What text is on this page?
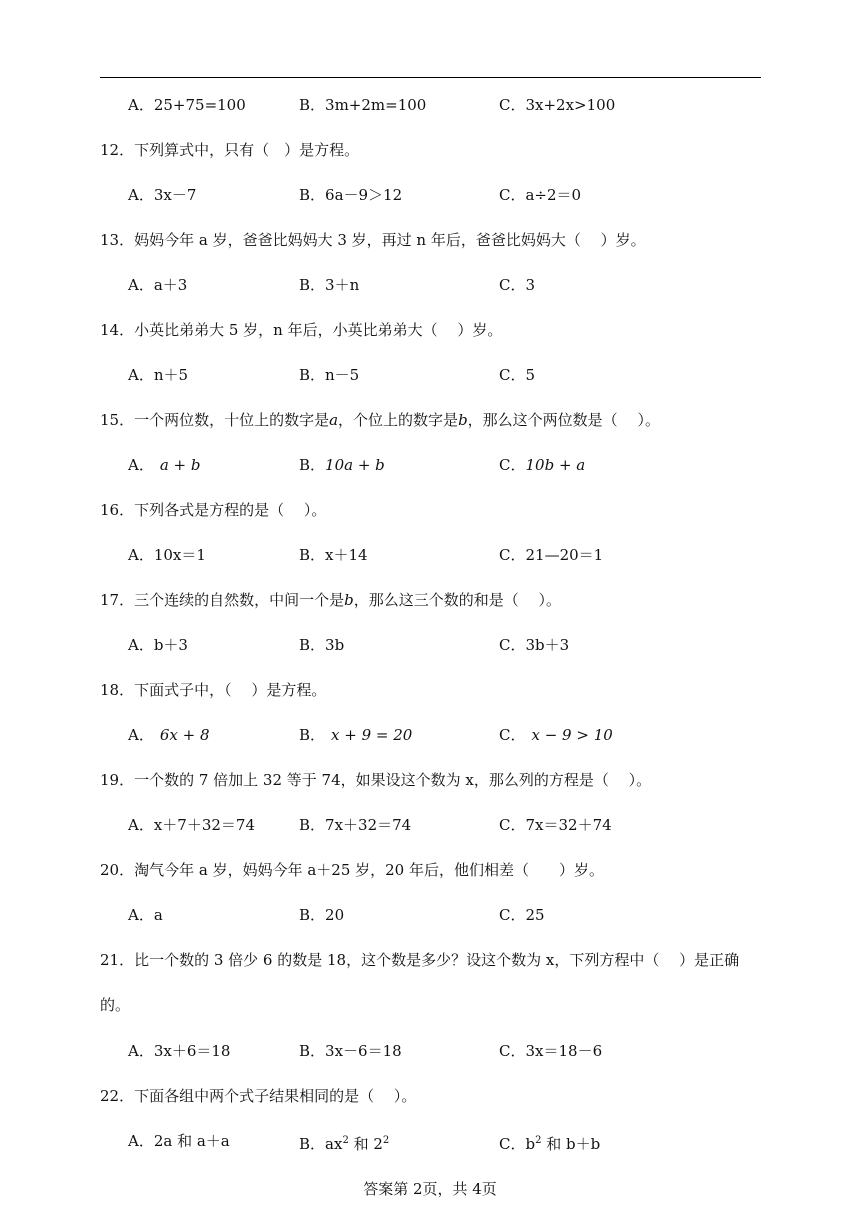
A．25+75=100	B．3m+2m=100	C．3x+2x>100
12．下列算式中，只有（　）是方程。
A．3x－7	B．6a－9＞12	C．a÷2＝0
13．妈妈今年 a 岁，爸爸比妈妈大 3 岁，再过 n 年后，爸爸比妈妈大（　 ）岁。
A．a＋3	B．3＋n	C．3
14．小英比弟弟大 5 岁，n 年后，小英比弟弟大（　 ）岁。
A．n＋5	B．n－5	C．5
15．一个两位数，十位上的数字是a，个位上的数字是b，那么这个两位数是（　 ）。
A． a + b	B．10a + b	C．10b + a
16．下列各式是方程的是（　 ）。
A．10x＝1	B．x＋14	C．21—20＝1
17．三个连续的自然数，中间一个是b，那么这三个数的和是（　 ）。
A．b＋3	B．3b	C．3b＋3
18．下面式子中，（　 ）是方程。
A． 6x + 8	B． x + 9 = 20	C． x − 9 > 10
19．一个数的 7 倍加上 32 等于 74，如果设这个数为 x，那么列的方程是（　 ）。
A．x＋7＋32＝74	B．7x＋32＝74	C．7x＝32＋74
20．淘气今年 a 岁，妈妈今年 a＋25 岁，20 年后，他们相差（　　）岁。
A．a	B．20	C．25
21．比一个数的 3 倍少 6 的数是 18，这个数是多少？设这个数为 x，下列方程中（　 ）是正确
的。
A．3x＋6＝18	B．3x－6＝18	C．3x＝18－6
22．下面各组中两个式子结果相同的是（　 ）。
A．2a 和 a＋a	B．$ax^2$ 和 $2^2$	C．$b^2$ 和 b＋b
答案第 2页，共 4页
